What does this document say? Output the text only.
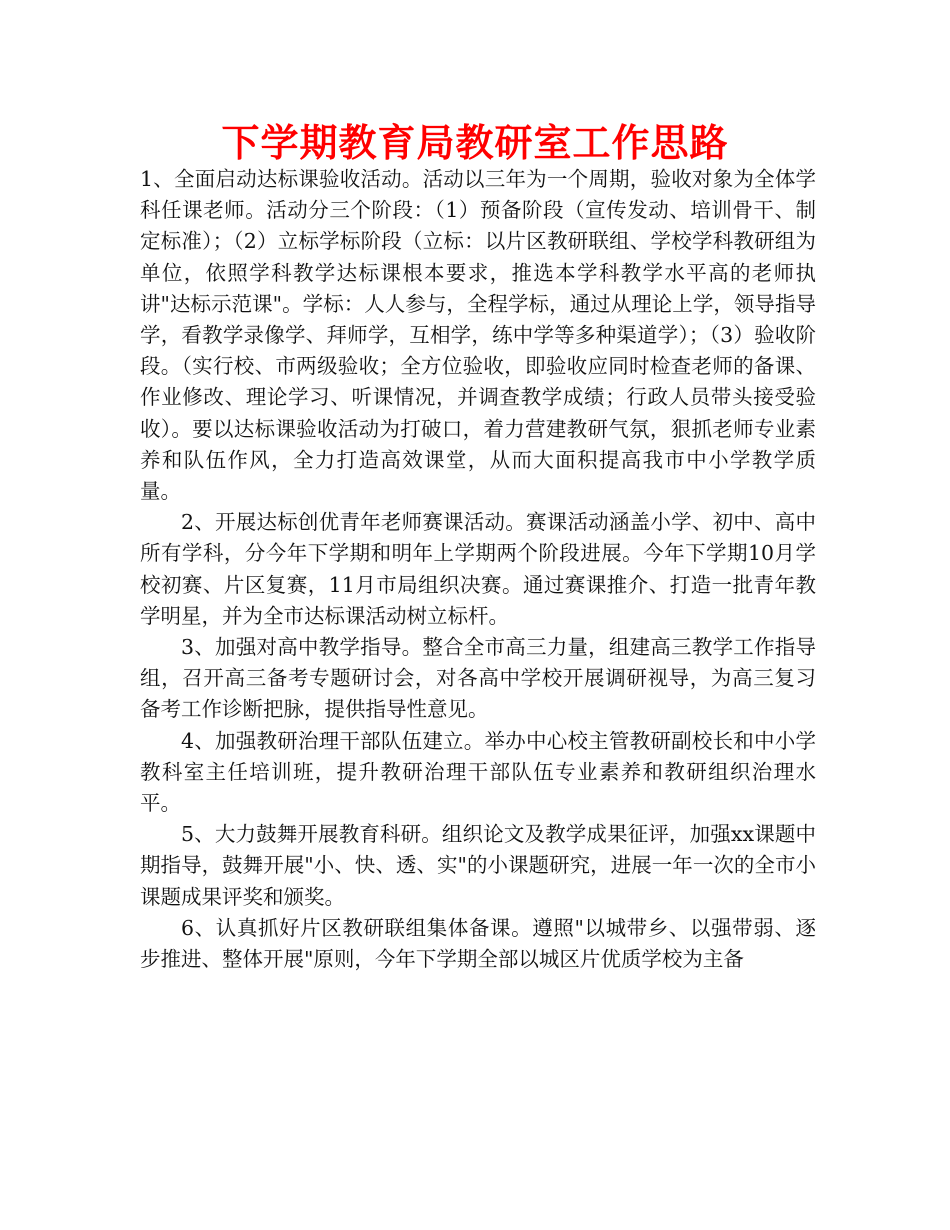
下学期教育局教研室工作思路

1、全面启动达标课验收活动。活动以三年为一个周期，验收对象为全体学科任课老师。活动分三个阶段：（1）预备阶段（宣传发动、培训骨干、制定标准）；（2）立标学标阶段（立标：以片区教研联组、学校学科教研组为单位，依照学科教学达标课根本要求，推选本学科教学水平高的老师执讲"达标示范课"。学标：人人参与，全程学标，通过从理论上学，领导指导学，看教学录像学、拜师学，互相学，练中学等多种渠道学）；（3）验收阶段。（实行校、市两级验收；全方位验收，即验收应同时检查老师的备课、作业修改、理论学习、听课情况，并调查教学成绩；行政人员带头接受验收）。要以达标课验收活动为打破口，着力营建教研气氛，狠抓老师专业素养和队伍作风，全力打造高效课堂，从而大面积提高我市中小学教学质量。

2、开展达标创优青年老师赛课活动。赛课活动涵盖小学、初中、高中所有学科，分今年下学期和明年上学期两个阶段进展。今年下学期10月学校初赛、片区复赛，11月市局组织决赛。通过赛课推介、打造一批青年教学明星，并为全市达标课活动树立标杆。

3、加强对高中教学指导。整合全市高三力量，组建高三教学工作指导组，召开高三备考专题研讨会，对各高中学校开展调研视导，为高三复习备考工作诊断把脉，提供指导性意见。

4、加强教研治理干部队伍建立。举办中心校主管教研副校长和中小学教科室主任培训班，提升教研治理干部队伍专业素养和教研组织治理水平。

5、大力鼓舞开展教育科研。组织论文及教学成果征评，加强xx课题中期指导，鼓舞开展"小、快、透、实"的小课题研究，进展一年一次的全市小课题成果评奖和颁奖。

6、认真抓好片区教研联组集体备课。遵照"以城带乡、以强带弱、逐步推进、整体开展"原则，今年下学期全部以城区片优质学校为主备
